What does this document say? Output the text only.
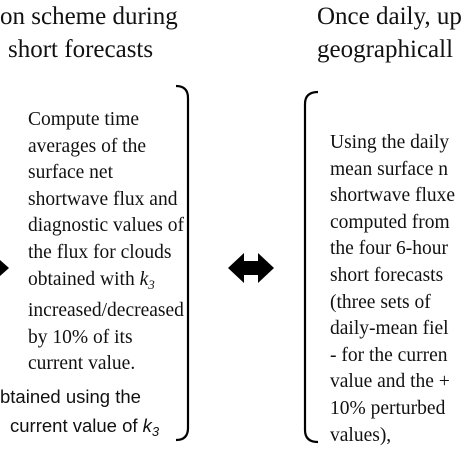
on scheme during
short forecasts
Once daily, up
geographicall
Compute time
averages of the
surface net
shortwave flux and
diagnostic values of
the flux for clouds
obtained with $k_3$
increased/decreased
by 10% of its
current value.
btained using the
current value of $k_3$
Using the daily
mean surface n
shortwave fluxe
computed from
the four 6-hour
short forecasts
(three sets of
daily-mean fiel
- for the curren
value and the +
10% perturbed
values),
